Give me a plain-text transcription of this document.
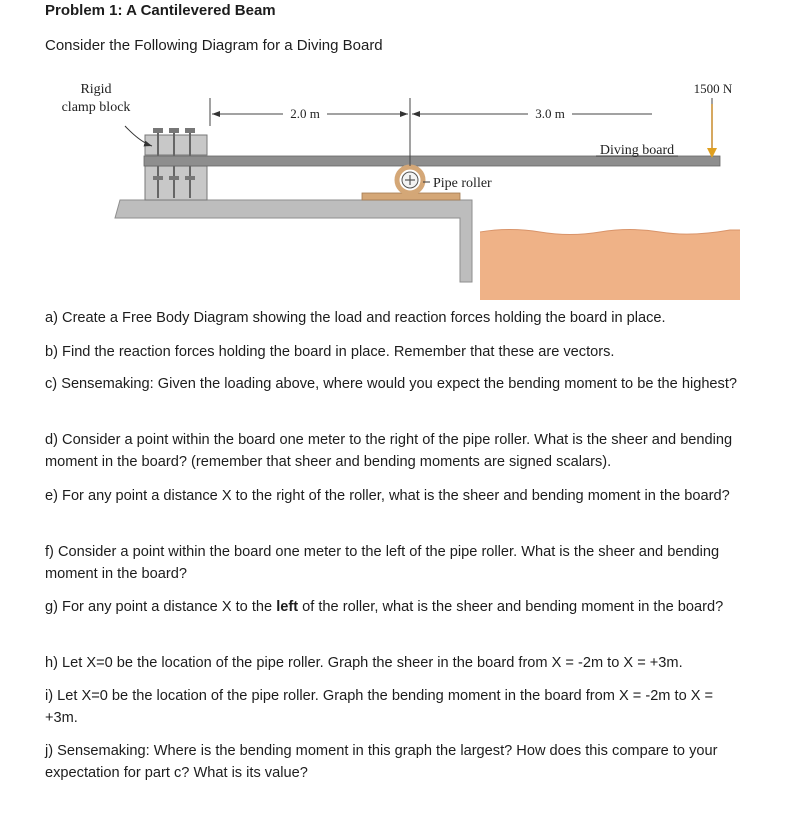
Problem 1: A Cantilevered Beam
Consider the Following Diagram for a Diving Board
Rigid
clamp block	2.0 m	3.0 m
1500 N
Diving board
Pipe roller
a) Create a Free Body Diagram showing the load and reaction forces holding the board in place.
b) Find the reaction forces holding the board in place. Remember that these are vectors.
c) Sensemaking: Given the loading above, where would you expect the bending moment to be the highest?
d) Consider a point within the board one meter to the right of the pipe roller. What is the sheer and bending moment in the board? (remember that sheer and bending moments are signed scalars).
e) For any point a distance X to the right of the roller, what is the sheer and bending moment in the board?
f) Consider a point within the board one meter to the left of the pipe roller. What is the sheer and bending moment in the board?
g) For any point a distance X to the left of the roller, what is the sheer and bending moment in the board?
h) Let X=0 be the location of the pipe roller. Graph the sheer in the board from X = -2m to X = +3m.
i) Let X=0 be the location of the pipe roller. Graph the bending moment in the board from X = -2m to X = +3m.
j) Sensemaking: Where is the bending moment in this graph the largest? How does this compare to your expectation for part c? What is its value?
